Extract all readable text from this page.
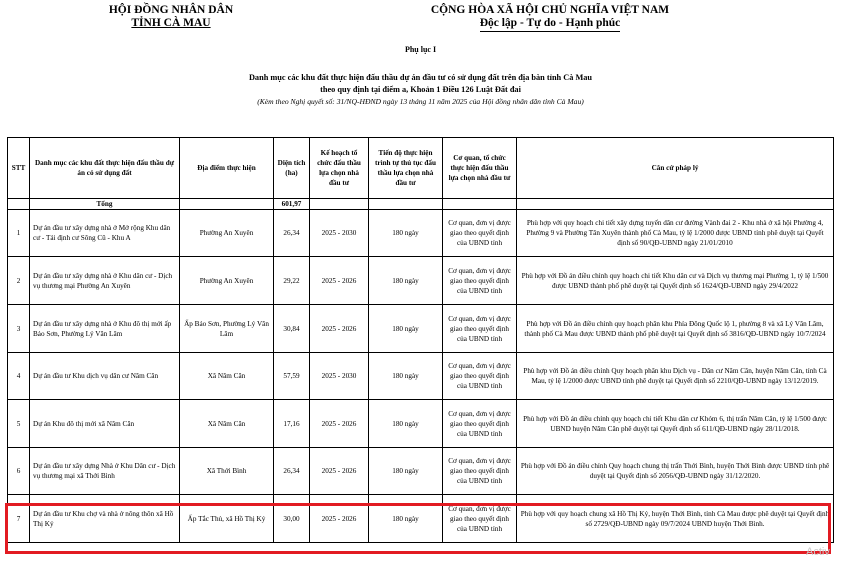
HỘI ĐỒNG NHÂN DÂN
TỈNH CÀ MAU
CỘNG HÒA XÃ HỘI CHỦ NGHĨA VIỆT NAM
Độc lập - Tự do - Hạnh phúc
Phụ lục I
Danh mục các khu đất thực hiện đấu thầu dự án đầu tư có sử dụng đất trên địa bàn tỉnh Cà Mau
theo quy định tại điểm a, Khoản 1 Điều 126 Luật Đất đai
(Kèm theo Nghị quyết số: 31/NQ-HĐND ngày 13 tháng 11 năm 2025 của Hội đồng nhân dân tỉnh Cà Mau)
STT	Danh mục các khu đất thực hiện đấu thầu dự án có sử dụng đất	Địa điểm thực hiện	Diện tích (ha)	Kế hoạch tổ chức đấu thầu lựa chọn nhà đầu tư	Tiến độ thực hiện trình tự thủ tục đấu thầu lựa chọn nhà đầu tư	Cơ quan, tổ chức thực hiện đấu thầu lựa chọn nhà đầu tư	Căn cứ pháp lý
	Tổng		601,97				
1	Dự án đầu tư xây dựng nhà ở Mở rộng Khu dân cư - Tái định cư Sông Cũ - Khu A	Phường An Xuyên	26,34	2025 - 2030	180 ngày	Cơ quan, đơn vị được giao theo quyết định của UBND tỉnh	Phù hợp với quy hoạch chi tiết xây dựng tuyến dân cư đường Vành đai 2 - Khu nhà ở xã hội Phường 4, Phường 9 và Phường Tân Xuyên thành phố Cà Mau, tỷ lệ 1/2000 được UBND tỉnh phê duyệt tại Quyết định số 90/QĐ-UBND ngày 21/01/2010
2	Dự án đầu tư xây dựng nhà ở Khu dân cư - Dịch vụ thương mại Phường An Xuyên	Phường An Xuyên	29,22	2025 - 2026	180 ngày	Cơ quan, đơn vị được giao theo quyết định của UBND tỉnh	Phù hợp với Đồ án điều chỉnh quy hoạch chi tiết Khu dân cư và Dịch vụ thương mại Phường 1, tỷ lệ 1/500 được UBND thành phố phê duyệt tại Quyết định số 1624/QĐ-UBND ngày 29/4/2022
3	Dự án đầu tư xây dựng nhà ở Khu đô thị mới ấp Bảo Sơn, Phường Lý Văn Lâm	Ấp Bảo Sơn, Phường Lý Văn Lâm	30,84	2025 - 2026	180 ngày	Cơ quan, đơn vị được giao theo quyết định của UBND tỉnh	Phù hợp với Đồ án điều chỉnh quy hoạch phân khu Phía Đông Quốc lộ 1, phường 8 và xã Lý Văn Lâm, thành phố Cà Mau được UBND thành phố phê duyệt tại Quyết định số 3816/QĐ-UBND ngày 10/7/2024
4	Dự án đầu tư Khu dịch vụ dân cư Năm Căn	Xã Năm Căn	57,59	2025 - 2030	180 ngày	Cơ quan, đơn vị được giao theo quyết định của UBND tỉnh	Phù hợp với Đồ án điều chỉnh Quy hoạch phân khu Dịch vụ - Dân cư Năm Căn, huyện Năm Căn, tỉnh Cà Mau, tỷ lệ 1/2000 được UBND tỉnh phê duyệt tại Quyết định số 2210/QĐ-UBND ngày 13/12/2019.
5	Dự án Khu đô thị mới xã Năm Căn	Xã Năm Căn	17,16	2025 - 2026	180 ngày	Cơ quan, đơn vị được giao theo quyết định của UBND tỉnh	Phù hợp với Đồ án điều chỉnh quy hoạch chi tiết Khu dân cư Khóm 6, thị trấn Năm Căn, tỷ lệ 1/500 được UBND huyện Năm Căn phê duyệt tại Quyết định số 611/QĐ-UBND ngày 28/11/2018.
6	Dự án đầu tư xây dựng Nhà ở Khu Dân cư - Dịch vụ thương mại xã Thới Bình	Xã Thới Bình	26,34	2025 - 2026	180 ngày	Cơ quan, đơn vị được giao theo quyết định của UBND tỉnh	Phù hợp với Đồ án điều chỉnh Quy hoạch chung thị trấn Thới Bình, huyện Thới Bình được UBND tỉnh phê duyệt tại Quyết định số 2056/QĐ-UBND ngày 31/12/2020.
7	Dự án đầu tư Khu chợ và nhà ở nông thôn xã Hồ Thị Kỷ	Ấp Tắc Thủ, xã Hồ Thị Kỷ	30,00	2025 - 2026	180 ngày	Cơ quan, đơn vị được giao theo quyết định của UBND tỉnh	Phù hợp với quy hoạch chung xã Hồ Thị Kỷ, huyện Thới Bình, tỉnh Cà Mau được phê duyệt tại Quyết định số 2729/QĐ-UBND ngày 09/7/2024 UBND huyện Thới Bình.
Activ
